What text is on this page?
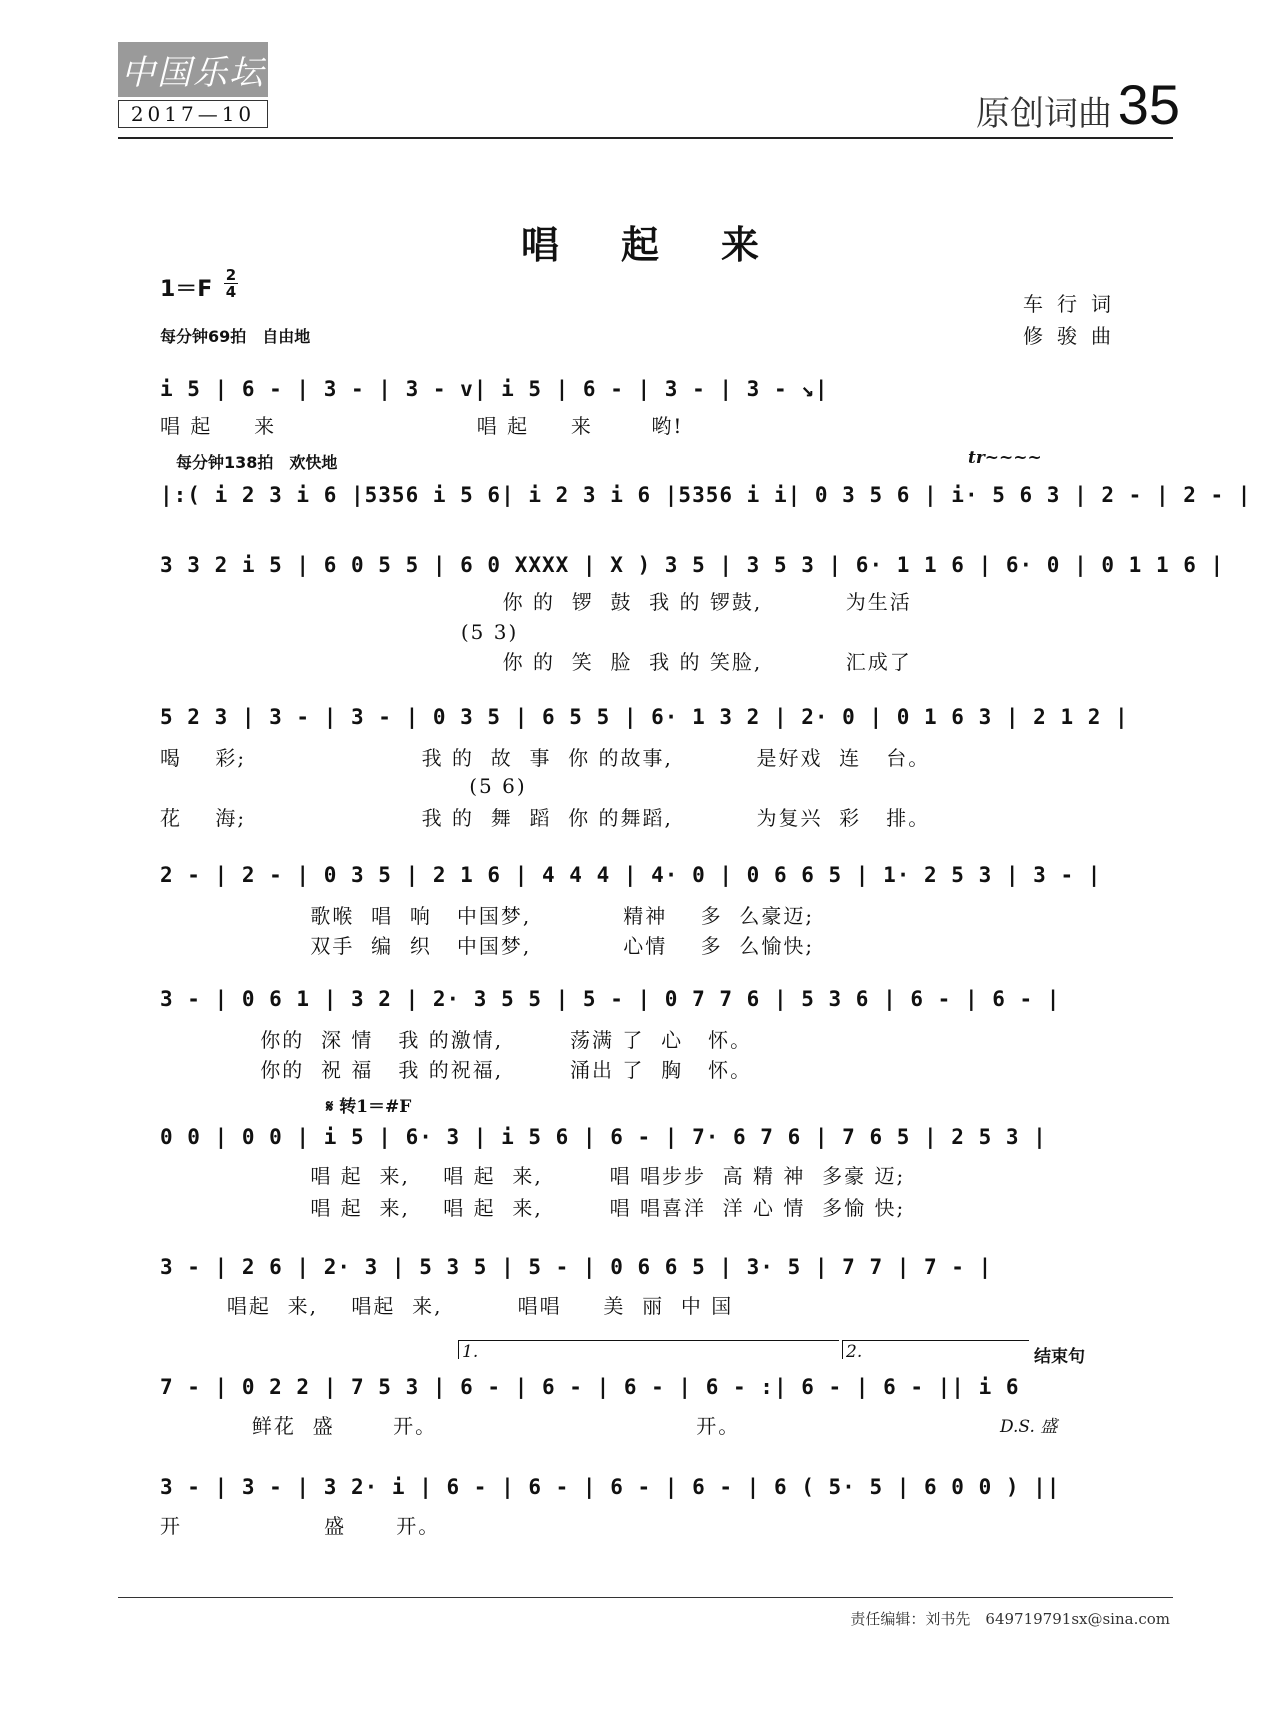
中国乐坛
2017—10	原创词曲 35
唱起来
1＝F
2
4
每分钟69拍　自由地
车行词
修骏曲
i 5 | 6 - | 3 - | 3 - v| i 5 | 6 - | 3 - | 3 - ↘|
唱 起     来                        唱 起     来       哟!
每分钟138拍　欢快地	tr~~~~
|:( i 2 3 i 6 |5356 i 5 6| i 2 3 i 6 |5356 i i| 0 3 5 6 | i· 5 6 3 | 2 - | 2 - |
3 3 2 i 5 | 6 0 5 5 | 6 0 XXXX | X ) 3 5 | 3 5 3 | 6· 1 1 6 | 6· 0 | 0 1 1 6 |
你 的  锣  鼓  我 的 锣鼓,          为生活
(5 3)
你 的  笑  脸  我 的 笑脸,          汇成了
5 2 3 | 3 - | 3 - | 0 3 5 | 6 5 5 | 6· 1 3 2 | 2· 0 | 0 1 6 3 | 2 1 2 |
喝    彩;                     我 的  故  事  你 的故事,          是好戏  连   台。
(5 6)
花    海;                     我 的  舞  蹈  你 的舞蹈,          为复兴  彩   排。
2 - | 2 - | 0 3 5 | 2 1 6 | 4 4 4 | 4· 0 | 0 6 6 5 | 1· 2 5 3 | 3 - |
歌喉  唱  响   中国梦,           精神    多  么豪迈;
双手  编  织   中国梦,           心情    多  么愉快;
3 - | 0 6 1 | 3 2 | 2· 3 5 5 | 5 - | 0 7 7 6 | 5 3 6 | 6 - | 6 - |
你的  深 情   我 的激情,        荡满 了  心   怀。
你的  祝 福   我 的祝福,        涌出 了  胸   怀。
𝄋 转1＝#F
0 0 | 0 0 | i 5 | 6· 3 | i 5 6 | 6 - | 7· 6 7 6 | 7 6 5 | 2 5 3 |
唱 起  来,    唱 起  来,        唱 唱步步  高 精 神  多豪 迈;
唱 起  来,    唱 起  来,        唱 唱喜洋  洋 心 情  多愉 快;
3 - | 2 6 | 2· 3 | 5 3 5 | 5 - | 0 6 6 5 | 3· 5 | 7 7 | 7 - |
唱起  来,    唱起  来,         唱唱     美  丽  中 国
1.	2.	结束句
7 - | 0 2 2 | 7 5 3 | 6 - | 6 - | 6 - | 6 - :| 6 - | 6 - || i 6
鲜花  盛       开。                               开。	D.S. 盛
3 - | 3 - | 3 2· i | 6 - | 6 - | 6 - | 6 - | 6 ( 5· 5 | 6 0 0 ) ||
开                 盛      开。
责任编辑：刘书先　649719791sx@sina.com
